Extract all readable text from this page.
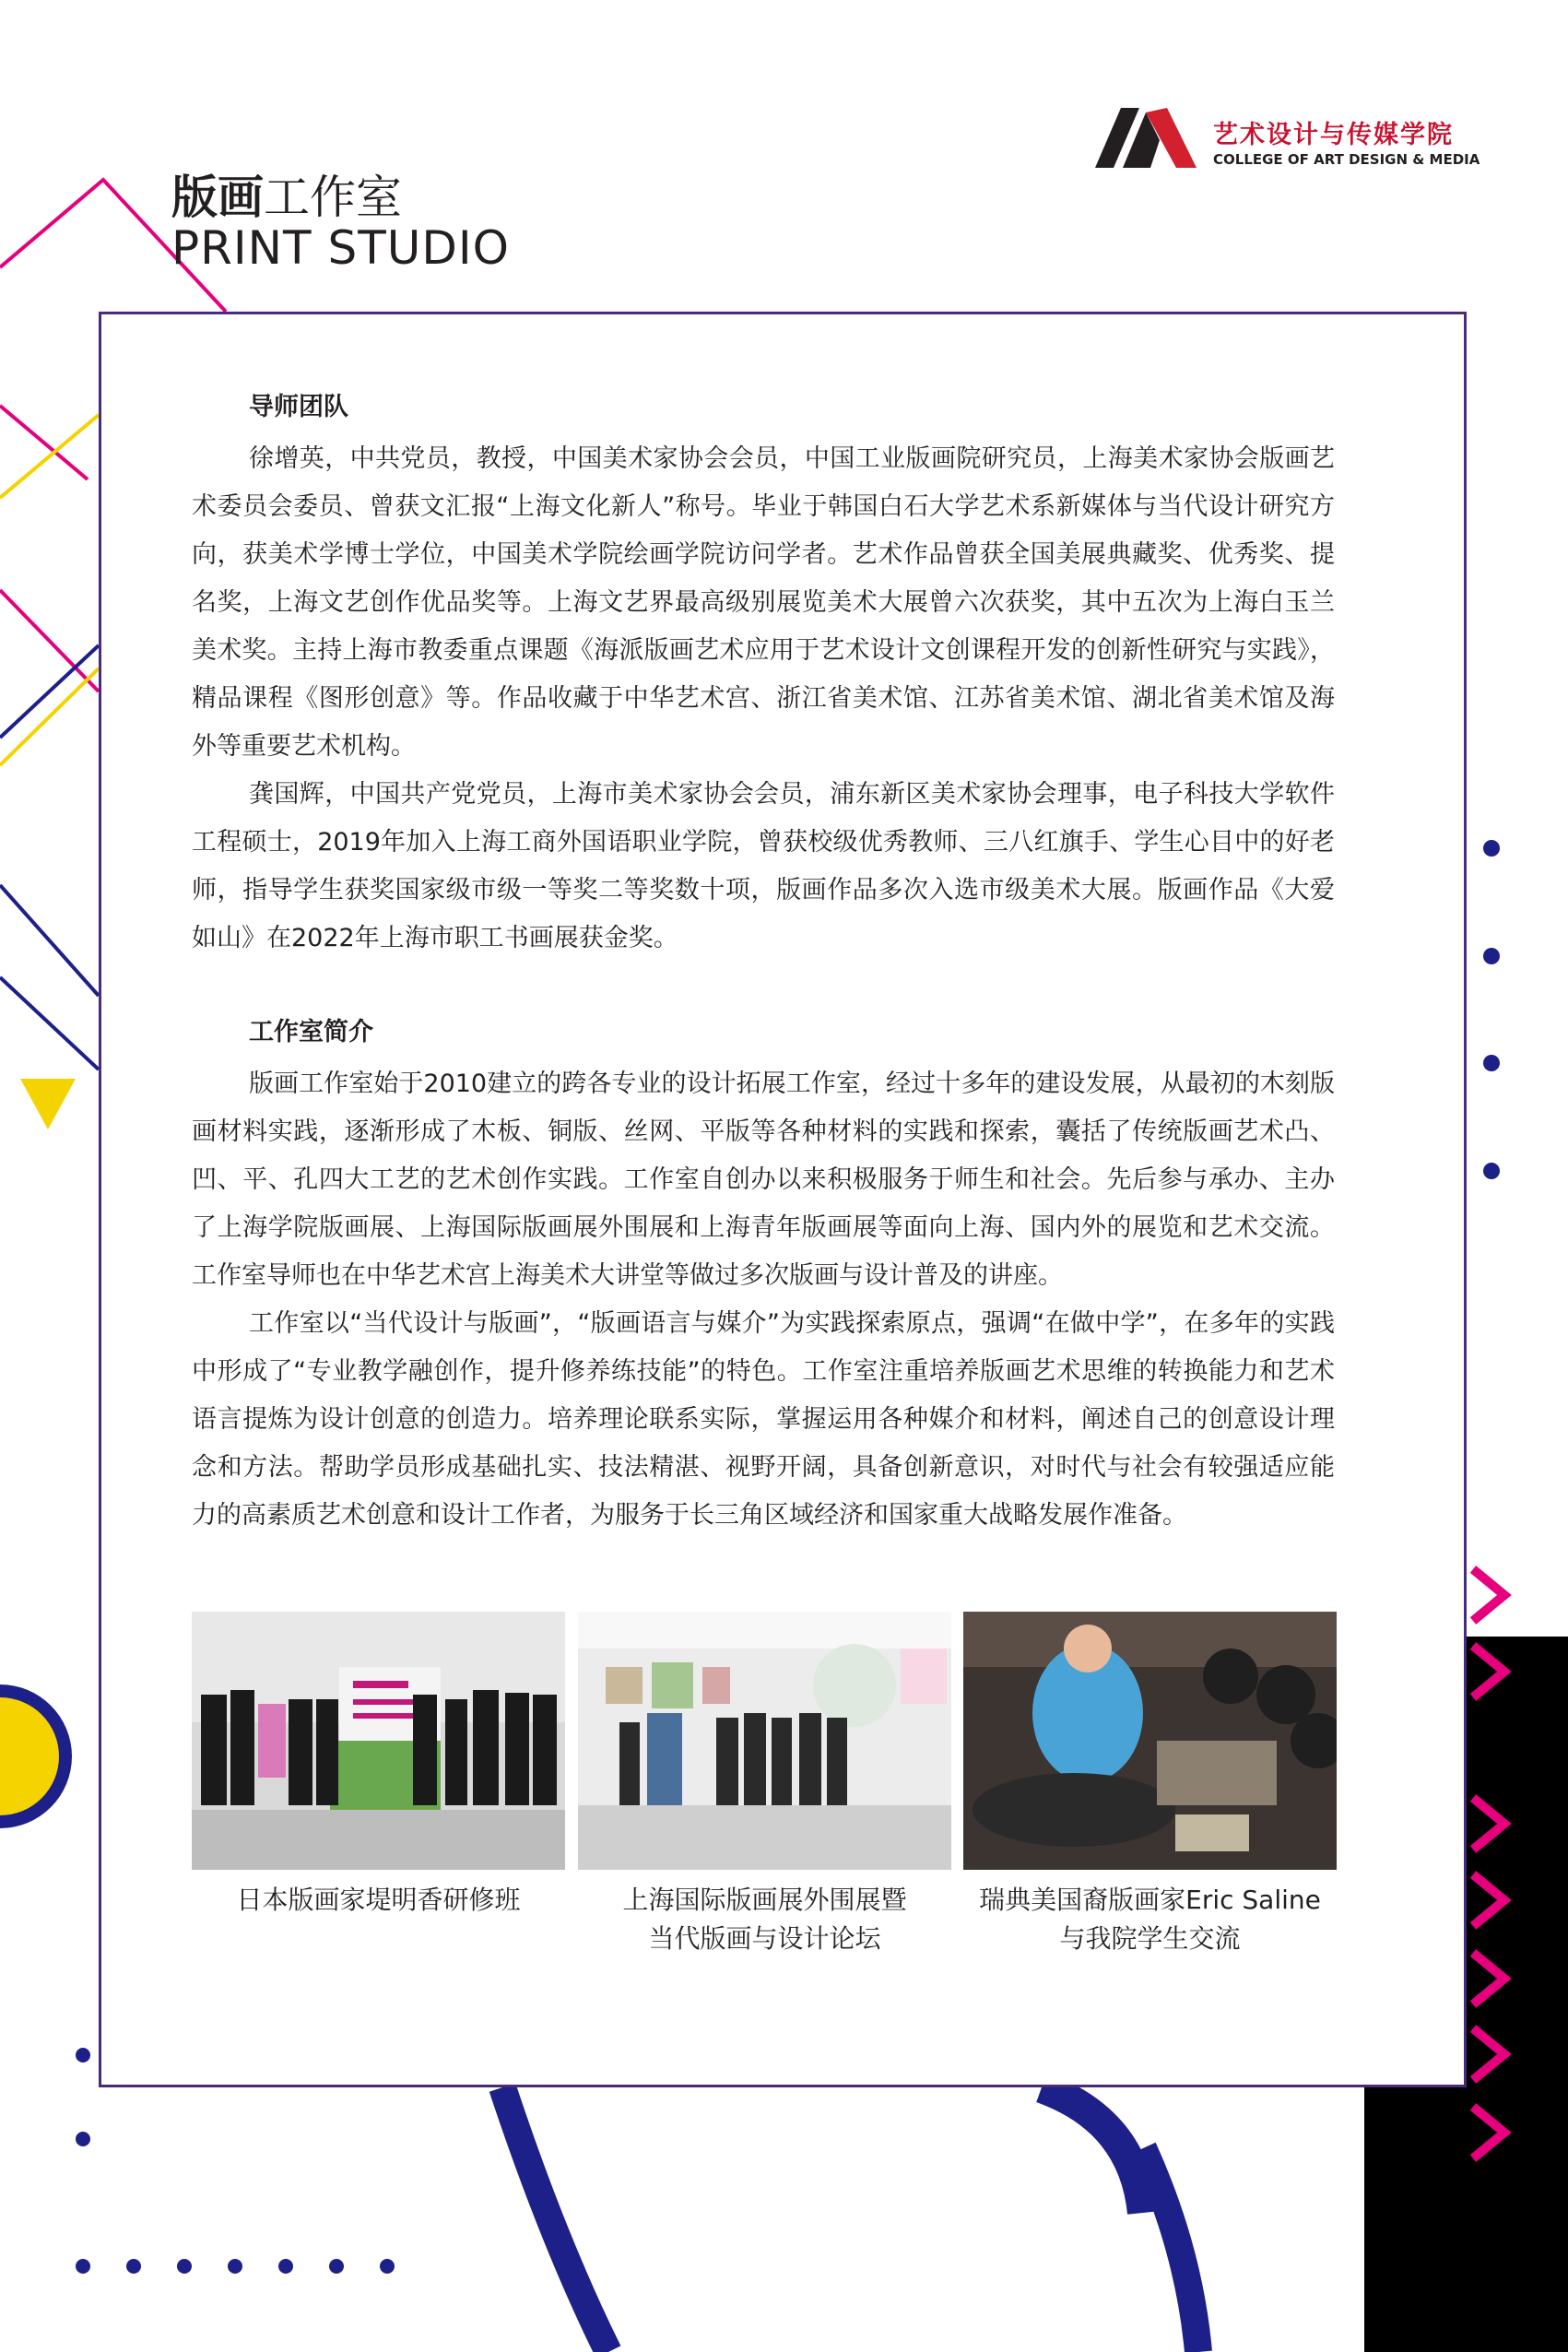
艺术设计与传媒学院
COLLEGE OF ART DESIGN & MEDIA
版画工作室
PRINT STUDIO
导师团队

徐增英，中共党员，教授，中国美术家协会会员，中国工业版画院研究员，上海美术家协会版画艺术委员会委员、曾获文汇报“上海文化新人”称号。毕业于韩国白石大学艺术系新媒体与当代设计研究方向，获美术学博士学位，中国美术学院绘画学院访问学者。艺术作品曾获全国美展典藏奖、优秀奖、提名奖，上海文艺创作优品奖等。上海文艺界最高级别展览美术大展曾六次获奖，其中五次为上海白玉兰美术奖。主持上海市教委重点课题《海派版画艺术应用于艺术设计文创课程开发的创新性研究与实践》，精品课程《图形创意》等。作品收藏于中华艺术宫、浙江省美术馆、江苏省美术馆、湖北省美术馆及海外等重要艺术机构。

龚国辉，中国共产党党员，上海市美术家协会会员，浦东新区美术家协会理事，电子科技大学软件工程硕士，2019年加入上海工商外国语职业学院，曾获校级优秀教师、三八红旗手、学生心目中的好老师，指导学生获奖国家级市级一等奖二等奖数十项，版画作品多次入选市级美术大展。版画作品《大爱如山》在2022年上海市职工书画展获金奖。

工作室简介

版画工作室始于2010建立的跨各专业的设计拓展工作室，经过十多年的建设发展，从最初的木刻版画材料实践，逐渐形成了木板、铜版、丝网、平版等各种材料的实践和探索，囊括了传统版画艺术凸、凹、平、孔四大工艺的艺术创作实践。工作室自创办以来积极服务于师生和社会。先后参与承办、主办了上海学院版画展、上海国际版画展外围展和上海青年版画展等面向上海、国内外的展览和艺术交流。工作室导师也在中华艺术宫上海美术大讲堂等做过多次版画与设计普及的讲座。

工作室以“当代设计与版画”，“版画语言与媒介”为实践探索原点，强调“在做中学”，在多年的实践中形成了“专业教学融创作，提升修养练技能”的特色。工作室注重培养版画艺术思维的转换能力和艺术语言提炼为设计创意的创造力。培养理论联系实际，掌握运用各种媒介和材料，阐述自己的创意设计理念和方法。帮助学员形成基础扎实、技法精湛、视野开阔，具备创新意识，对时代与社会有较强适应能力的高素质艺术创意和设计工作者，为服务于长三角区域经济和国家重大战略发展作准备。

日本版画家堤明香研修班	上海国际版画展外围展暨
当代版画与设计论坛
瑞典美国裔版画家Eric Saline
与我院学生交流
